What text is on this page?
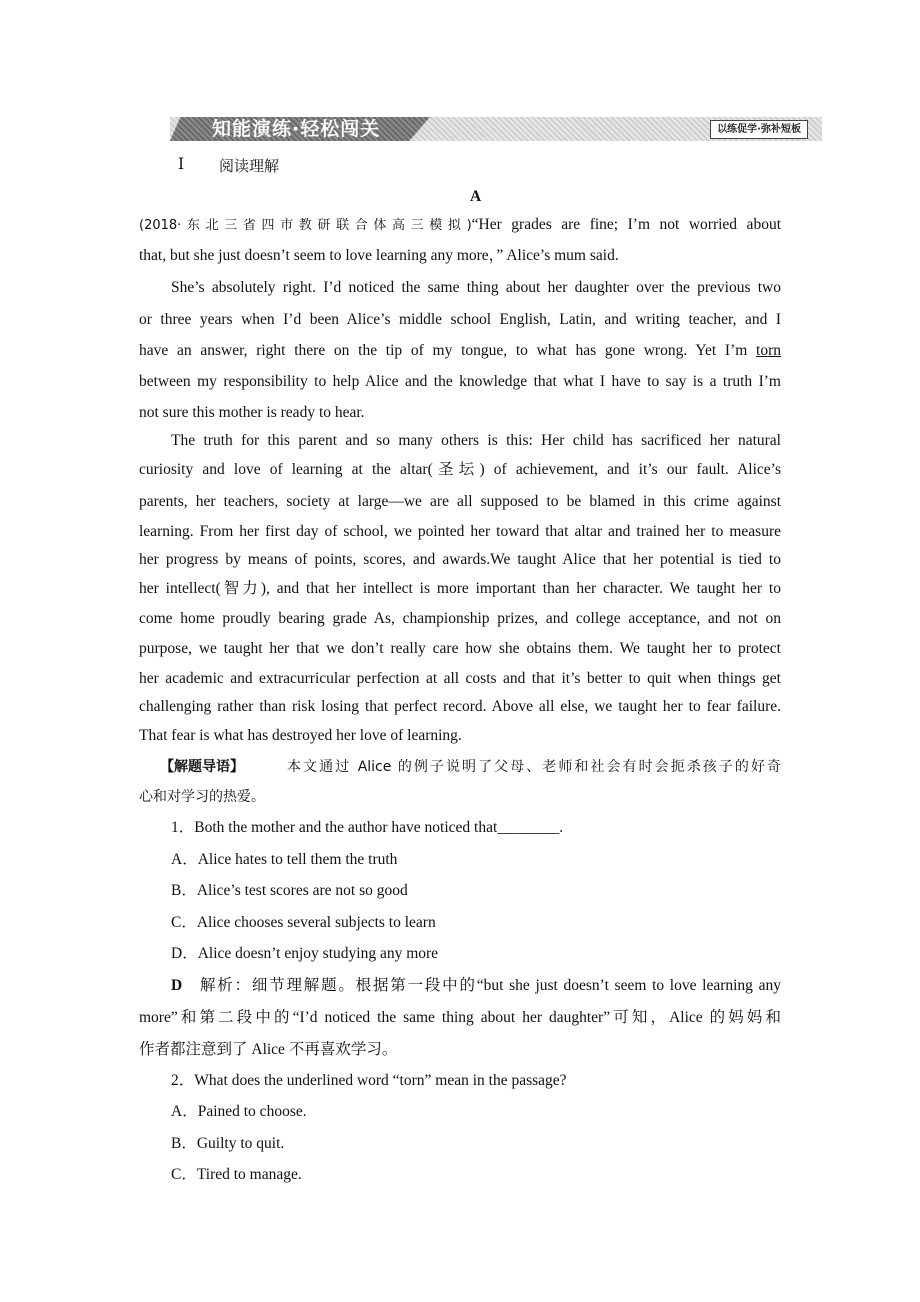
知能演练·轻松闯关	以练促学·弥补短板
Ⅰ 阅读理解
A
(2018·东北三省四市教研联合体高三模拟)“Her grades are fine; I’m not worried about
that, but she just doesn’t seem to love learning any more，” Alice’s mum said.
She’s absolutely right. I’d noticed the same thing about her daughter over the previous two
or three years when I’d been Alice’s middle school English, Latin, and writing teacher, and I
have an answer, right there on the tip of my tongue, to what has gone wrong. Yet I’m torn
between my responsibility to help Alice and the knowledge that what I have to say is a truth I’m
not sure this mother is ready to hear.
The truth for this parent and so many others is this: Her child has sacrificed her natural
curiosity and love of learning at the altar(圣坛) of achievement, and it’s our fault. Alice’s
parents, her teachers, society at large—we are all supposed to be blamed in this crime against
learning. From her first day of school, we pointed her toward that altar and trained her to measure
her progress by means of points, scores, and awards.We taught Alice that her potential is tied to
her intellect(智力), and that her intellect is more important than her character. We taught her to
come home proudly bearing grade As, championship prizes, and college acceptance, and not on
purpose, we taught her that we don’t really care how she obtains them. We taught her to protect
her academic and extracurricular perfection at all costs and that it’s better to quit when things get
challenging rather than risk losing that perfect record. Above all else, we taught her to fear failure.
That fear is what has destroyed her love of learning.
【解题导语】	本文通过 Alice 的例子说明了父母、老师和社会有时会扼杀孩子的好奇
心和对学习的热爱。
1．Both the mother and the author have noticed that________.
A．Alice hates to tell them the truth
B．Alice’s test scores are not so good
C．Alice chooses several subjects to learn
D．Alice doesn’t enjoy studying any more
D 解析：细节理解题。根据第一段中的“but she just doesn’t seem to love learning any
more”和第二段中的“I’d noticed the same thing about her daughter”可知，Alice 的妈妈和
作者都注意到了 Alice 不再喜欢学习。
2．What does the underlined word “torn” mean in the passage?
A．Pained to choose.
B．Guilty to quit.
C．Tired to manage.
